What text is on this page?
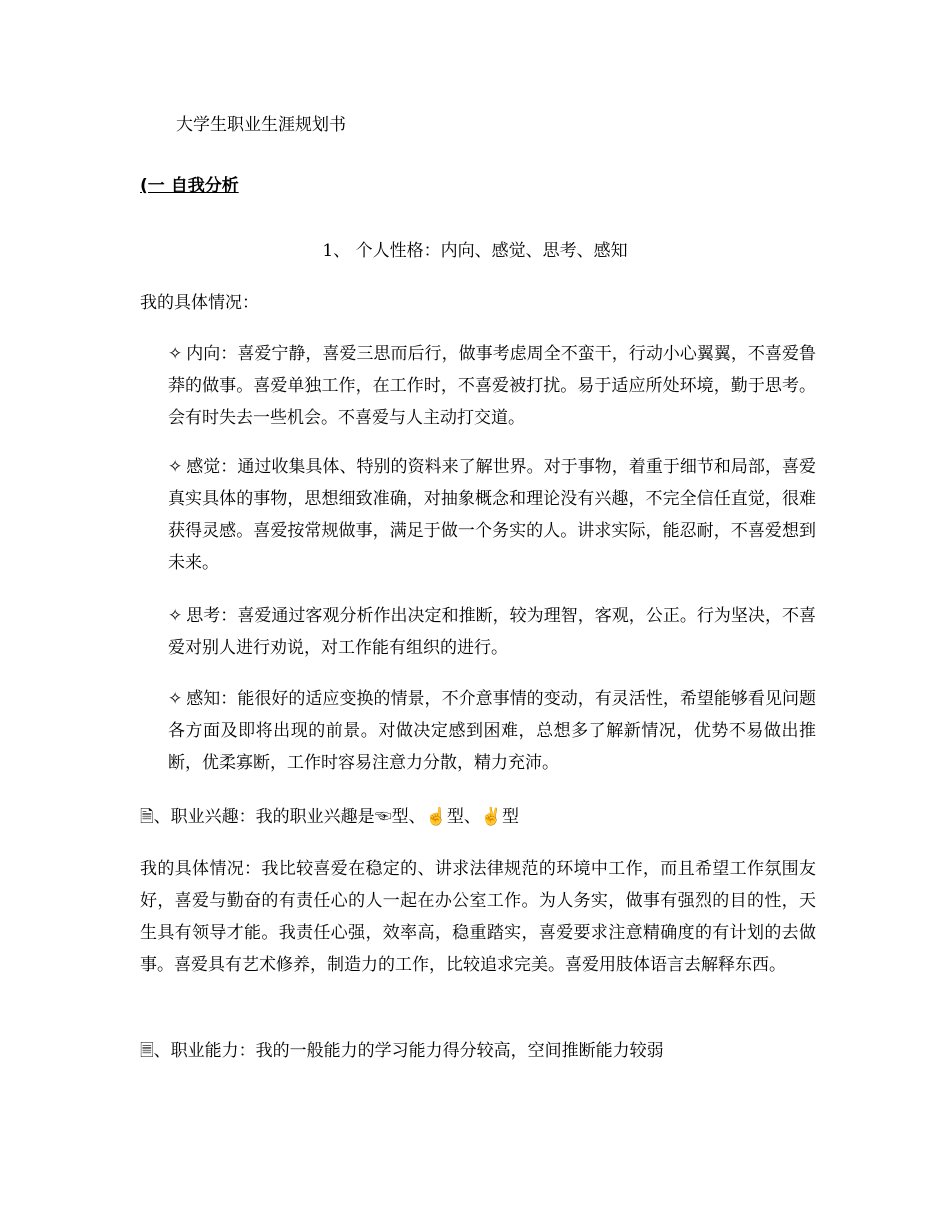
大学生职业生涯规划书
(一 自我分析
1、 个人性格：内向、感觉、思考、感知
我的具体情况：
✧ 内向：喜爱宁静，喜爱三思而后行，做事考虑周全不蛮干，行动小心翼翼，不喜爱鲁莽的做事。喜爱单独工作，在工作时，不喜爱被打扰。易于适应所处环境，勤于思考。会有时失去一些机会。不喜爱与人主动打交道。
✧ 感觉：通过收集具体、特别的资料来了解世界。对于事物，着重于细节和局部，喜爱真实具体的事物，思想细致准确，对抽象概念和理论没有兴趣，不完全信任直觉，很难获得灵感。喜爱按常规做事，满足于做一个务实的人。讲求实际，能忍耐，不喜爱想到未来。
✧ 思考：喜爱通过客观分析作出决定和推断，较为理智，客观，公正。行为坚决，不喜爱对别人进行劝说，对工作能有组织的进行。
✧ 感知：能很好的适应变换的情景，不介意事情的变动，有灵活性，希望能够看见问题各方面及即将出现的前景。对做决定感到困难，总想多了解新情况，优势不易做出推断，优柔寡断，工作时容易注意力分散，精力充沛。
🗎、职业兴趣：我的职业兴趣是☜型、☝型、✌型
我的具体情况：我比较喜爱在稳定的、讲求法律规范的环境中工作，而且希望工作氛围友好，喜爱与勤奋的有责任心的人一起在办公室工作。为人务实，做事有强烈的目的性，天生具有领导才能。我责任心强，效率高，稳重踏实，喜爱要求注意精确度的有计划的去做事。喜爱具有艺术修养，制造力的工作，比较追求完美。喜爱用肢体语言去解释东西。
🗏、职业能力：我的一般能力的学习能力得分较高，空间推断能力较弱
